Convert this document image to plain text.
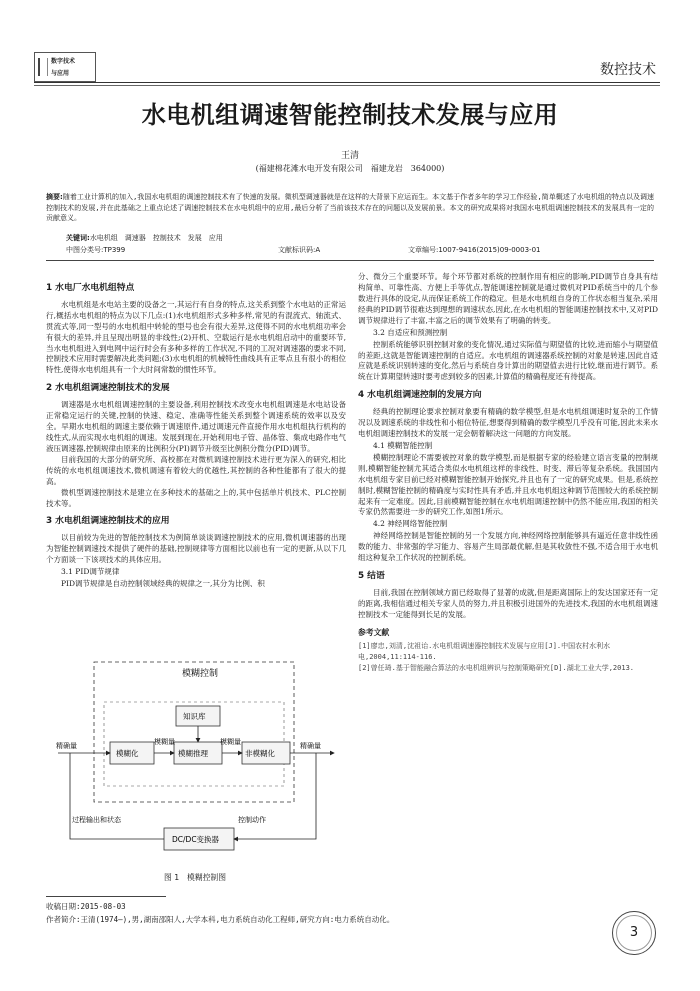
数字技术
与应用	数控技术
水电机组调速智能控制技术发展与应用
王清
(福建棉花滩水电开发有限公司　福建龙岩　364000)
摘要:随着工业计算机的加入,我国水电机组的调速控制技术有了快速的发展。微机型调速器就是在这样的大背景下应运而生。本文基于作者多年的学习工作经验,简单概述了水电机组的特点以及调速控制技术的发展,并在此基础之上重点论述了调速控制技术在水电机组中的应用,最后分析了当前该技术存在的问题以及发展前景。本文的研究成果将对我国水电机组调速控制技术的发展具有一定的贡献意义。
关键词:水电机组　调速器　控制技术　发展　应用
中图分类号:TP399	文献标识码:A	文章编号:1007-9416(2015)09-0003-01
1 水电厂水电机组特点

水电机组是水电站主要的设备之一,其运行有自身的特点,这关系到整个水电站的正常运行,概括水电机组的特点为以下几点:(1)水电机组形式多种多样,常见的有混流式、轴流式、贯流式等,同一型号的水电机组中转轮的型号也会有很大差异,这使得不同的水电机组功率会有很大的差异,并且呈现出明显的非线性;(2)开机、空载运行是水电机组启动中的重要环节,当水电机组进入到电网中运行时会有多种多样的工作状况,不同的工况对调速器的要求不同,控制技术应用时需要解决此类问题;(3)水电机组的机械特性曲线具有正零点且有很小的相位特性,使得水电机组具有一个大时间常数的惯性环节。

2 水电机组调速控制技术的发展

调速器是水电机组调速控制的主要设备,利用控制技术改变水电机组调速是水电站设备正常稳定运行的关键,控制的快速、稳定、准确等性能关系到整个调速系统的效率以及安全。早期水电机组的调速主要依赖于调速原件,通过调速元件直接作用水电机组执行机构的线性式,从而实现水电机组的调速。发展到现在,开始利用电子管、晶体管、集成电路作电气液压调速器,控制规律由原来的比例积分(PI)调节升级至比例积分微分(PID)调节。

目前我国的大部分的研究所、高校都在对微机调速控制技术进行更为深入的研究,相比传统的水电机组调速技术,微机调速有着较大的优越性,其控制的各种性能都有了很大的提高。

微机型调速控制技术是建立在多种技术的基础之上的,其中包括单片机技术、PLC控制技术等。

3 水电机组调速控制技术的应用

以目前较为先进的智能控制技术为例简单谈谈调速控制技术的应用,微机调速器的出现为智能控制调速技术提供了硬件的基础,控制规律等方面相比以前也有一定的更新,从以下几个方面谈一下该项技术的具体应用。

3.1 PID调节规律

PID调节规律是自动控制领域经典的规律之一,其分为比例、积

模糊控制
知识库
模糊化	模糊推理	非模糊化
精确量	模糊量	模糊量	精确量
DC/DC变换器
过程输出和状态	控制动作
图 1　模糊控制图

分、微分三个重要环节。每个环节都对系统的控制作用有相应的影响,PID调节自身具有结构简单、可靠性高、方便上手等优点,智能调速控制就是通过微机对PID系统当中的几个参数进行具体的设定,从而保证系统工作的稳定。但是水电机组自身的工作状态相当复杂,采用经典的PID调节很难达到理想的调速状态,因此,在水电机组的智能调速控制技术中,又对PID调节规律进行了丰富,丰富之后的调节效果有了明确的转变。

3.2 自适应和预测控制

控制系统能够识别控制对象的变化情况,通过实际值与期望值的比较,进而缩小与期望值的差距,这就是智能调速控制的自适应。水电机组的调速器系统控制的对象是转速,因此自适应就是系统识别转速的变化,然后与系统自身计算出的期望值去进行比较,继而进行调节。系统在计算期望转速时要考虑到较多的因素,计算值的精确程度还有待提高。

4 水电机组调速控制的发展方向

经典的控制理论要求控制对象要有精确的数学模型,但是水电机组调速时复杂的工作情况以及调速系统的非线性和小相位特征,想要得到精确的数学模型几乎没有可能,因此未来水电机组调速控制技术的发展一定会朝着解决这一问题的方向发展。

4.1 模糊智能控制

模糊控制理论不需要被控对象的数学模型,而是根据专家的经验建立语言变量的控制规则,模糊智能控制尤其适合类似水电机组这样的非线性、时变、滞后等复杂系统。我国国内水电机组专家目前已经对模糊智能控制开始探究,并且也有了一定的研究成果。但是,系统控制时,模糊智能控制的精确度与实时性具有矛盾,并且水电机组这种调节范围较大的系统控制起来有一定难度。因此,目前模糊智能控制在水电机组调速控制中仍然不能应用,我国的相关专家仍然需要进一步的研究工作,如图1所示。

4.2 神经网络智能控制

神经网络控制是智能控制的另一个发展方向,神经网络控制能够具有逼近任意非线性函数的能力、非常强的学习能力、容易产生局部最优解,但是其收敛性不强,不适合用于水电机组这种复杂工作状况的控制系统。

5 结语

目前,我国在控制领域方面已经取得了显著的成就,但是距离国际上的发达国家还有一定的距离,我相信通过相关专家人员的努力,并且积极引进国外的先进技术,我国的水电机组调速控制技术一定能得到长足的发展。

参考文献
[1]廖忠,刘清,沈祖诒.水电机组调速器控制技术发展与应用[J].中国农村水利水电,2004,11:114-116.
[2]曾任琦.基于智能融合算法的水电机组辨识与控制策略研究[D].湖北工业大学,2013.
收稿日期:2015-08-03
作者简介:王清(1974—),男,湖南邵阳人,大学本科,电力系统自动化工程师,研究方向:电力系统自动化。
3
